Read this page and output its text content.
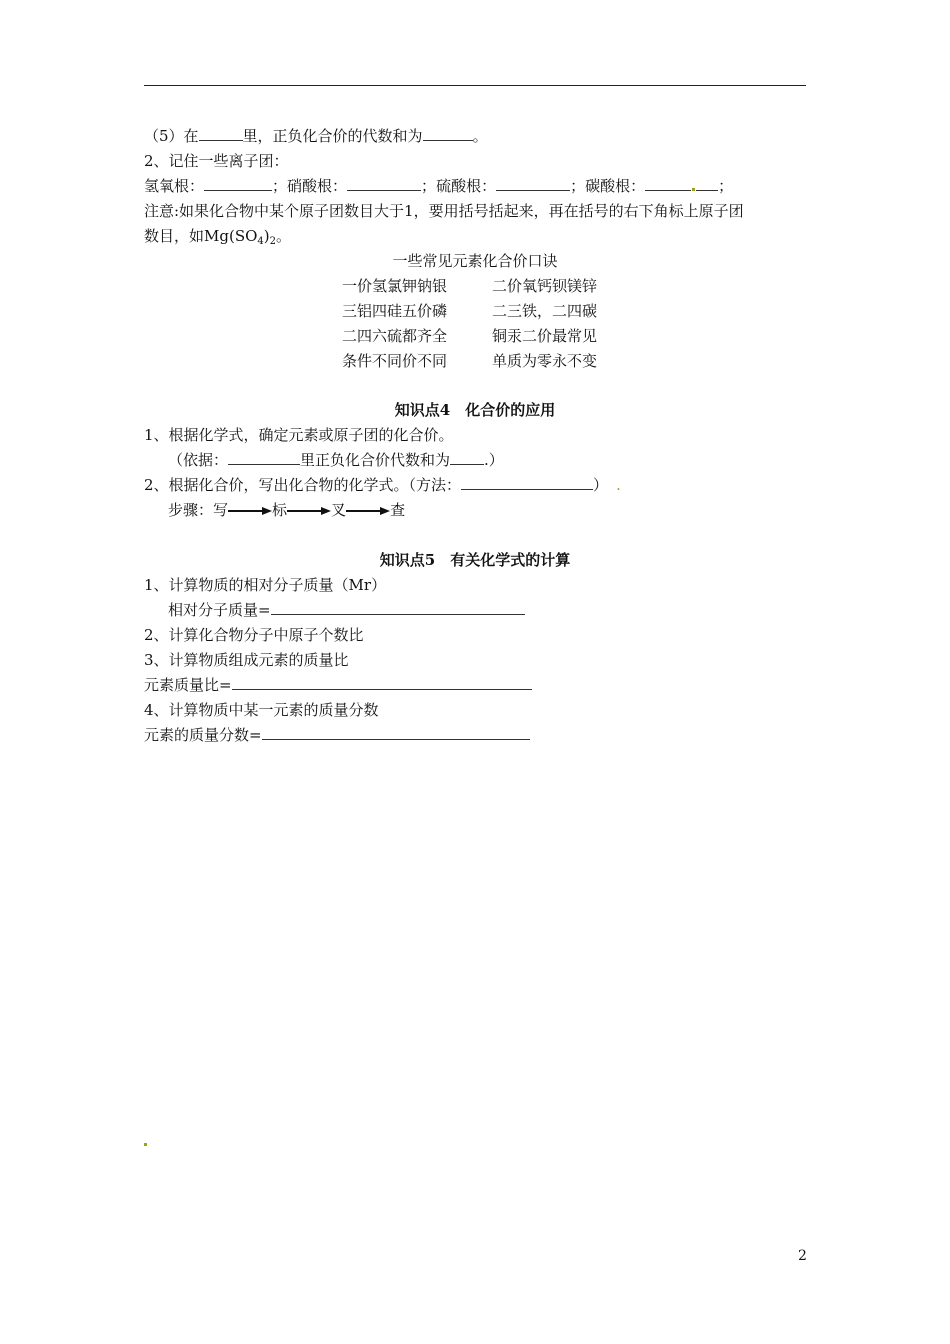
（5）在	里，正负化合价的代数和为	。
2、记住一些离子团：
氢氧根：	；硝酸根：	；硫酸根：	；碳酸根：	；
注意:如果化合物中某个原子团数目大于1，要用括号括起来，再在括号的右下角标上原子团
数目，如$Mg(SO_4)_2$。
一些常见元素化合价口诀
一价氢氯钾钠银	二价氧钙钡镁锌
三铝四硅五价磷	二三铁，二四碳
二四六硫都齐全	铜汞二价最常见
条件不同价不同	单质为零永不变
知识点4　化合价的应用
1、根据化学式，确定元素或原子团的化合价。
（依据：	里正负化合价代数和为 .）
2、根据化合价，写出化合物的化学式。（方法：	） .
步骤：写	标	叉	查
知识点5　有关化学式的计算
1、计算物质的相对分子质量（Mr）
相对分子质量=
2、计算化合物分子中原子个数比
3、计算物质组成元素的质量比
元素质量比=
4、计算物质中某一元素的质量分数
元素的质量分数=
2
